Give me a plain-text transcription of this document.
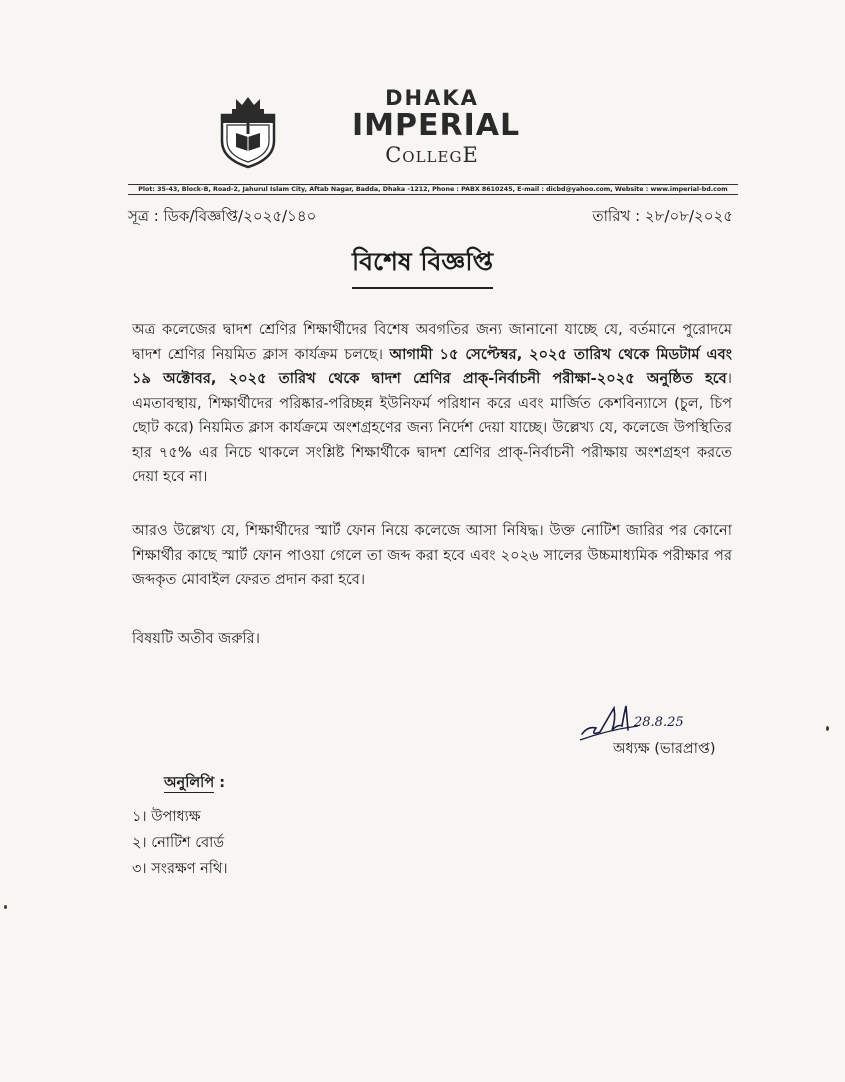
DHAKA
IMPERIAL
CollegE
Plot: 35-43, Block-B, Road-2, Jahurul Islam City, Aftab Nagar, Badda, Dhaka -1212, Phone : PABX 8610245, E-mail : dicbd@yahoo.com, Website : www.imperial-bd.com
সূত্র : ডিক/বিজ্ঞপ্তি/২০২৫/১৪০	তারিখ : ২৮/০৮/২০২৫
বিশেষ বিজ্ঞপ্তি
অত্র কলেজের দ্বাদশ শ্রেণির শিক্ষার্থীদের বিশেষ অবগতির জন্য জানানো যাচ্ছে যে, বর্তমানে পুরোদমে দ্বাদশ শ্রেণির নিয়মিত ক্লাস কার্যক্রম চলছে। আগামী ১৫ সেপ্টেম্বর, ২০২৫ তারিখ থেকে মিডটার্ম এবং ১৯ অক্টোবর, ২০২৫ তারিখ থেকে দ্বাদশ শ্রেণির প্রাক্-নির্বাচনী পরীক্ষা-২০২৫ অনুষ্ঠিত হবে। এমতাবস্থায়, শিক্ষার্থীদের পরিষ্কার-পরিচ্ছন্ন ইউনিফর্ম পরিধান করে এবং মার্জিত কেশবিন্যাসে (চুল, চিপ ছোট করে) নিয়মিত ক্লাস কার্যক্রমে অংশগ্রহণের জন্য নির্দেশ দেয়া যাচ্ছে। উল্লেখ্য যে, কলেজে উপস্থিতির হার ৭৫% এর নিচে থাকলে সংশ্লিষ্ট শিক্ষার্থীকে দ্বাদশ শ্রেণির প্রাক্-নির্বাচনী পরীক্ষায় অংশগ্রহণ করতে দেয়া হবে না।
আরও উল্লেখ্য যে, শিক্ষার্থীদের স্মার্ট ফোন নিয়ে কলেজে আসা নিষিদ্ধ। উক্ত নোটিশ জারির পর কোনো শিক্ষার্থীর কাছে স্মার্ট ফোন পাওয়া গেলে তা জব্দ করা হবে এবং ২০২৬ সালের উচ্চমাধ্যমিক পরীক্ষার পর জব্দকৃত মোবাইল ফেরত প্রদান করা হবে।
বিষয়টি অতীব জরুরি।
28.8.25
অধ্যক্ষ (ভারপ্রাপ্ত)
অনুলিপি :
১। উপাধ্যক্ষ
২। নোটিশ বোর্ড
৩। সংরক্ষণ নথি।
